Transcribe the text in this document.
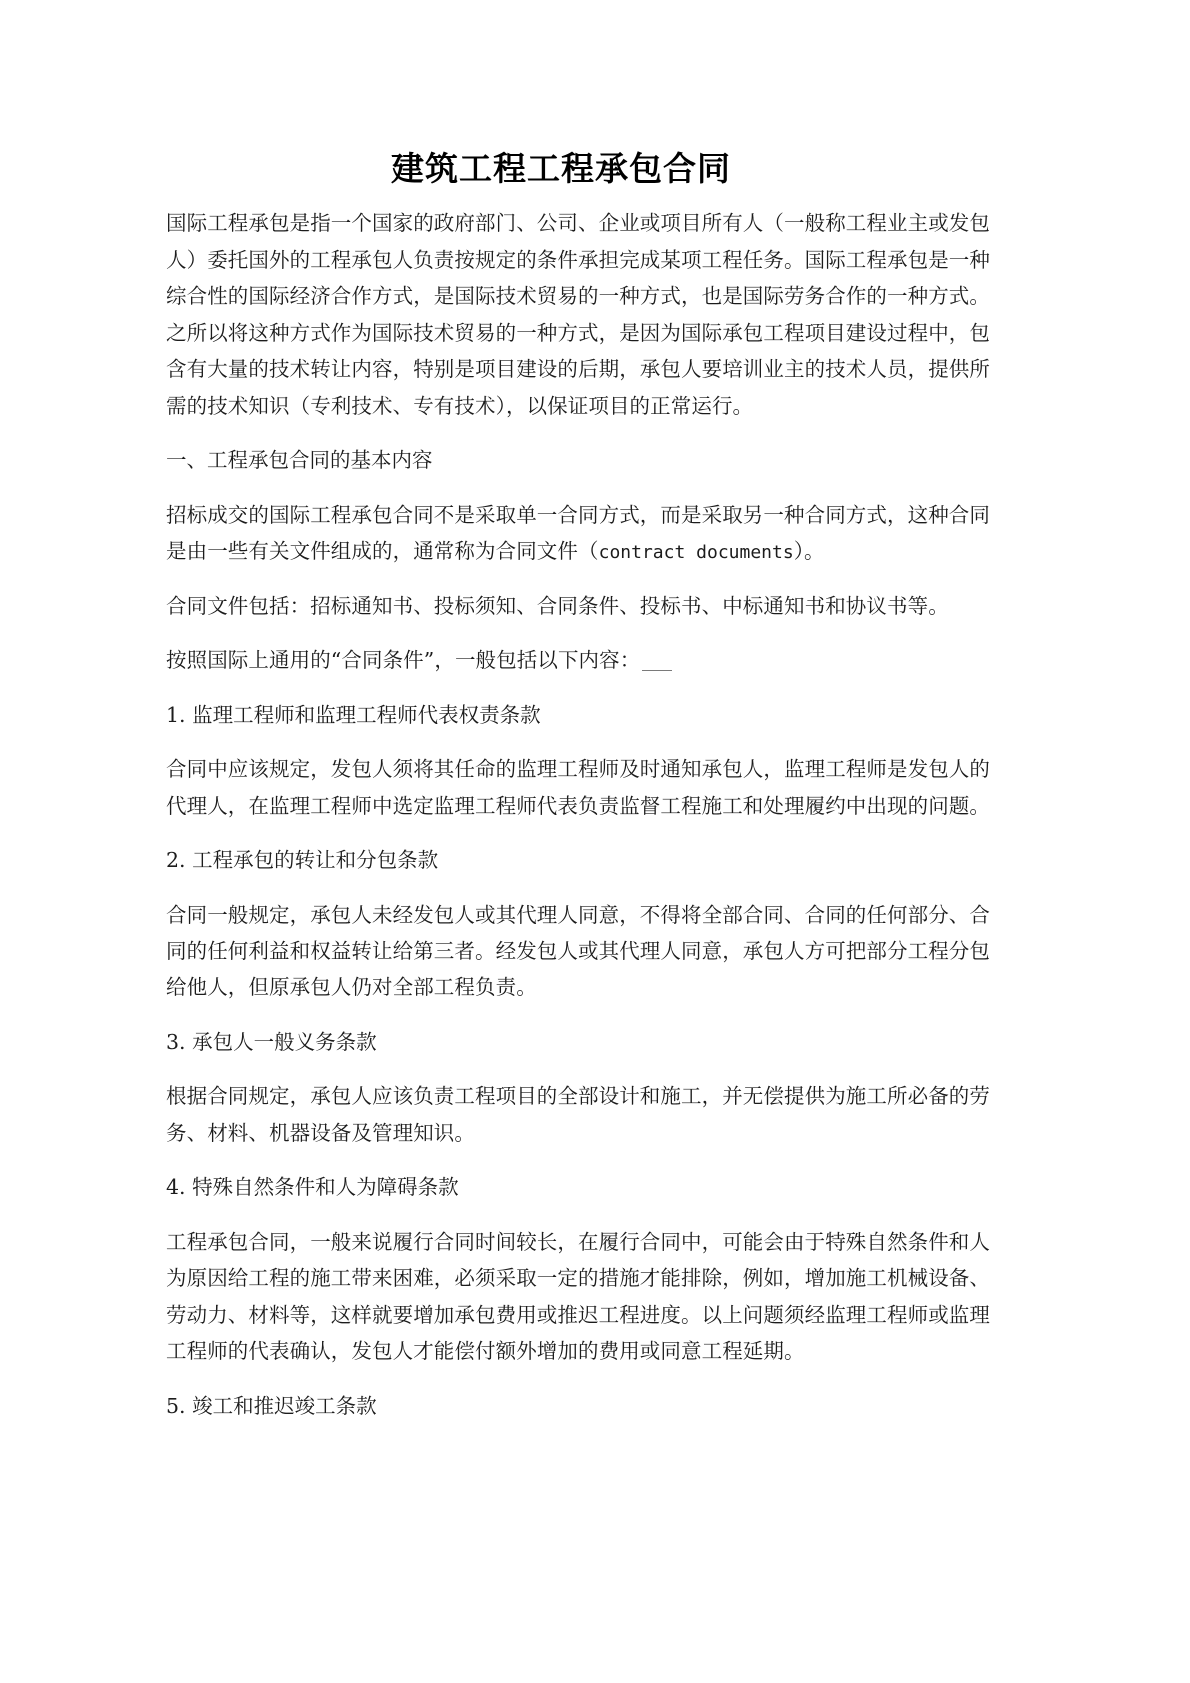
建筑工程工程承包合同

国际工程承包是指一个国家的政府部门、公司、企业或项目所有人（一般称工程业主或发包人）委托国外的工程承包人负责按规定的条件承担完成某项工程任务。国际工程承包是一种综合性的国际经济合作方式，是国际技术贸易的一种方式，也是国际劳务合作的一种方式。之所以将这种方式作为国际技术贸易的一种方式，是因为国际承包工程项目建设过程中，包含有大量的技术转让内容，特别是项目建设的后期，承包人要培训业主的技术人员，提供所需的技术知识（专利技术、专有技术），以保证项目的正常运行。

一、工程承包合同的基本内容

招标成交的国际工程承包合同不是采取单一合同方式，而是采取另一种合同方式，这种合同是由一些有关文件组成的，通常称为合同文件（contract documents）。

合同文件包括：招标通知书、投标须知、合同条件、投标书、中标通知书和协议书等。

按照国际上通用的“合同条件”，一般包括以下内容：

1. 监理工程师和监理工程师代表权责条款

合同中应该规定，发包人须将其任命的监理工程师及时通知承包人，监理工程师是发包人的代理人，在监理工程师中选定监理工程师代表负责监督工程施工和处理履约中出现的问题。

2. 工程承包的转让和分包条款

合同一般规定，承包人未经发包人或其代理人同意，不得将全部合同、合同的任何部分、合同的任何利益和权益转让给第三者。经发包人或其代理人同意，承包人方可把部分工程分包给他人，但原承包人仍对全部工程负责。

3. 承包人一般义务条款

根据合同规定，承包人应该负责工程项目的全部设计和施工，并无偿提供为施工所必备的劳务、材料、机器设备及管理知识。

4. 特殊自然条件和人为障碍条款

工程承包合同，一般来说履行合同时间较长，在履行合同中，可能会由于特殊自然条件和人为原因给工程的施工带来困难，必须采取一定的措施才能排除，例如，增加施工机械设备、劳动力、材料等，这样就要增加承包费用或推迟工程进度。以上问题须经监理工程师或监理工程师的代表确认，发包人才能偿付额外增加的费用或同意工程延期。

5. 竣工和推迟竣工条款
